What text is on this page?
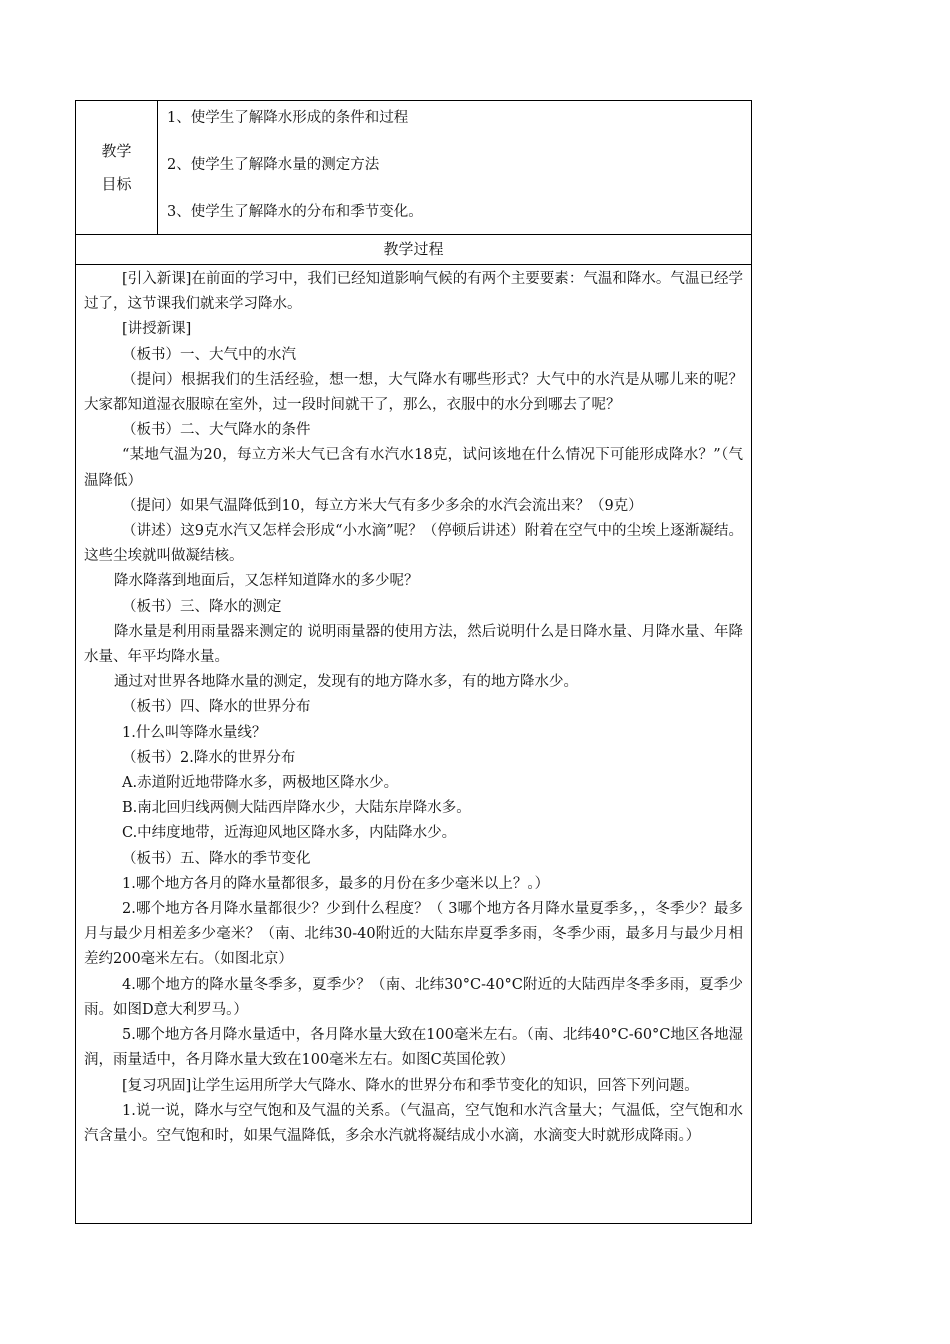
教学
目标
1、使学生了解降水形成的条件和过程
2、使学生了解降水量的测定方法
3、使学生了解降水的分布和季节变化。
教学过程

[引入新课]在前面的学习中，我们已经知道影响气候的有两个主要要素：气温和降水。气温已经学过了，这节课我们就来学习降水。

[讲授新课]

（板书）一、大气中的水汽

（提问）根据我们的生活经验，想一想，大气降水有哪些形式？大气中的水汽是从哪儿来的呢？大家都知道湿衣服晾在室外，过一段时间就干了，那么，衣服中的水分到哪去了呢？

（板书）二、大气降水的条件

“某地气温为20，每立方米大气已含有水汽水18克，试问该地在什么情况下可能形成降水？”（气温降低）

（提问）如果气温降低到10，每立方米大气有多少多余的水汽会流出来？（9克）

（讲述）这9克水汽又怎样会形成“小水滴”呢？（停顿后讲述）附着在空气中的尘埃上逐渐凝结。这些尘埃就叫做凝结核。

降水降落到地面后，又怎样知道降水的多少呢？

（板书）三、降水的测定

降水量是利用雨量器来测定的 说明雨量器的使用方法，然后说明什么是日降水量、月降水量、年降水量、年平均降水量。

通过对世界各地降水量的测定，发现有的地方降水多，有的地方降水少。

（板书）四、降水的世界分布

1.什么叫等降水量线？

（板书）2.降水的世界分布

A.赤道附近地带降水多，两极地区降水少。

B.南北回归线两侧大陆西岸降水少，大陆东岸降水多。

C.中纬度地带，近海迎风地区降水多，内陆降水少。

（板书）五、降水的季节变化

1.哪个地方各月的降水量都很多，最多的月份在多少毫米以上？。）

2.哪个地方各月降水量都很少？少到什么程度？（ 3哪个地方各月降水量夏季多，，冬季少？最多月与最少月相差多少毫米？（南、北纬30-40附近的大陆东岸夏季多雨，冬季少雨，最多月与最少月相差约200毫米左右。（如图北京）

4.哪个地方的降水量冬季多，夏季少？（南、北纬30°C-40°C附近的大陆西岸冬季多雨，夏季少雨。如图D意大利罗马。）

5.哪个地方各月降水量适中，各月降水量大致在100毫米左右。（南、北纬40°C-60°C地区各地湿润，雨量适中，各月降水量大致在100毫米左右。如图C英国伦敦）

[复习巩固]让学生运用所学大气降水、降水的世界分布和季节变化的知识，回答下列问题。

1.说一说，降水与空气饱和及气温的关系。（气温高，空气饱和水汽含量大；气温低，空气饱和水汽含量小。空气饱和时，如果气温降低，多余水汽就将凝结成小水滴，水滴变大时就形成降雨。）
